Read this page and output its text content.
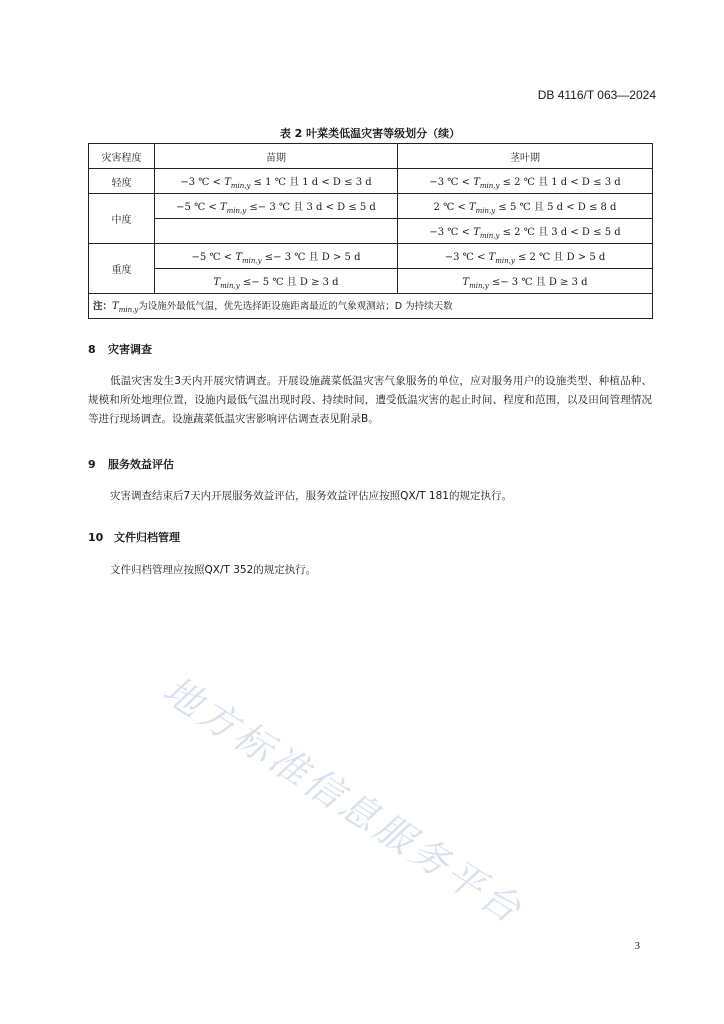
DB 4116/T 063—2024
表 2 叶菜类低温灾害等级划分（续）
灾害程度	苗期	茎叶期
轻度	−3 ℃ < $T_{min,y} \le 1$ ℃ 且 1 d < D ≤ 3 d	−3 ℃ < $T_{min,y} \le 2$ ℃ 且 1 d < D ≤ 3 d
中度	−5 ℃ < $T_{min,y} \le- 3$ ℃ 且 3 d < D ≤ 5 d	2 ℃ < $T_{min,y} \le 5$ ℃ 且 5 d < D ≤ 8 d
		−3 ℃ < $T_{min,y} \le 2$ ℃ 且 3 d < D ≤ 5 d
重度	−5 ℃ < $T_{min,y} \le- 3$ ℃ 且 D > 5 d	−3 ℃ < $T_{min,y} \le 2$ ℃ 且 D > 5 d
	$T_{min,y} \le- 5$ ℃ 且 D ≥ 3 d	$T_{min,y} \le- 3$ ℃ 且 D ≥ 3 d
注：$T_{min,y}$为设施外最低气温，优先选择距设施距离最近的气象观测站；D 为持续天数		
8 灾害调查
低温灾害发生3天内开展灾情调查。开展设施蔬菜低温灾害气象服务的单位，应对服务用户的设施类型、种植品种、规模和所处地理位置，设施内最低气温出现时段、持续时间，遭受低温灾害的起止时间、程度和范围，以及田间管理情况等进行现场调查。设施蔬菜低温灾害影响评估调查表见附录B。
9 服务效益评估
灾害调查结束后7天内开展服务效益评估，服务效益评估应按照QX/T 181的规定执行。
10 文件归档管理
文件归档管理应按照QX/T 352的规定执行。
地方标准信息服务平台
3
